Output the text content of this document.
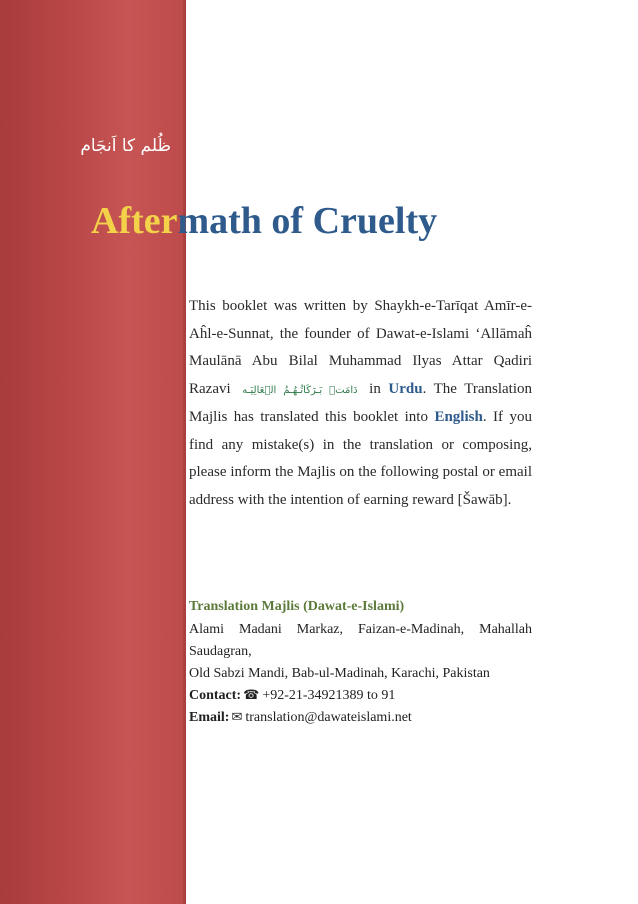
ظُلم کا اَنجَام
Aftermath of Cruelty

This booklet was written by Shaykh-e-Tarīqat Amīr-e-Aĥl-e-Sunnat, the founder of Dawat-e-Islami ‘Allāmaĥ Maulānā Abu Bilal Muhammad Ilyas Attar Qadiri Razavi دَامَتۡ بَـرَكَاتُـهُـمُ الۡعَالِيَـه in Urdu. The Translation Majlis has translated this booklet into English. If you find any mistake(s) in the translation or composing, please inform the Majlis on the following postal or email address with the intention of earning reward [Šawāb].

Translation Majlis (Dawat-e-Islami)
Alami Madani Markaz, Faizan-e-Madinah, Mahallah Saudagran,
Old Sabzi Mandi, Bab-ul-Madinah, Karachi, Pakistan
Contact: ☎ +92-21-34921389 to 91
Email: ✉ translation@dawateislami.net
